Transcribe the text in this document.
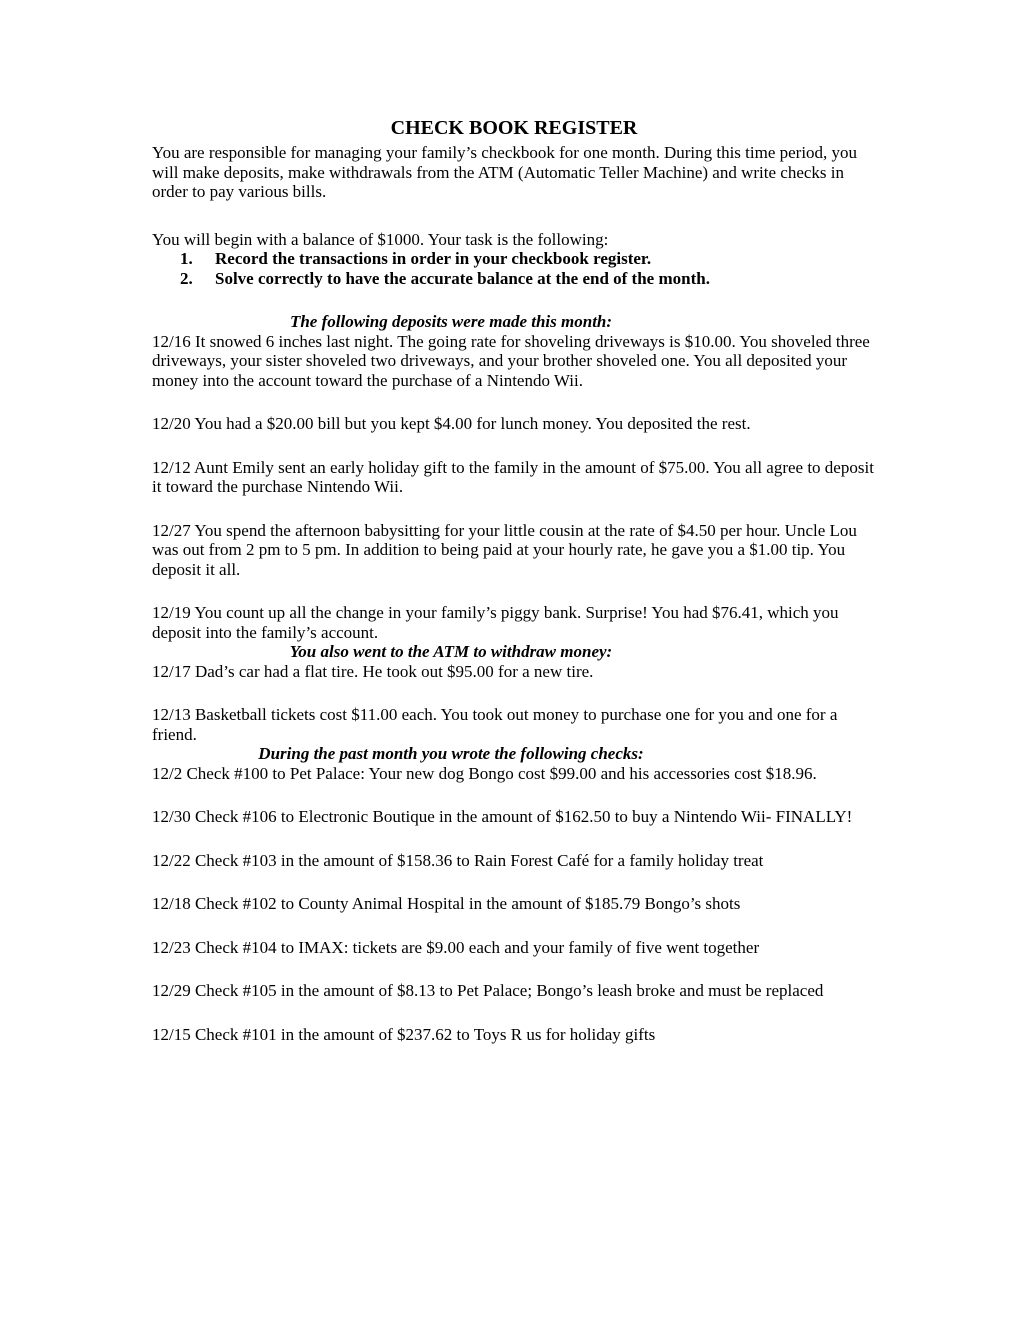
CHECK BOOK REGISTER
You are responsible for managing your family’s checkbook for one month. During this time period, you will make deposits, make withdrawals from the ATM (Automatic Teller Machine) and write checks in order to pay various bills.
You will begin with a balance of $1000. Your task is the following:
1.	Record the transactions in order in your checkbook register.
2.	Solve correctly to have the accurate balance at the end of the month.
The following deposits were made this month:
12/16 It snowed 6 inches last night. The going rate for shoveling driveways is $10.00. You shoveled three driveways, your sister shoveled two driveways, and your brother shoveled one. You all deposited your money into the account toward the purchase of a Nintendo Wii.
12/20 You had a $20.00 bill but you kept $4.00 for lunch money. You deposited the rest.
12/12 Aunt Emily sent an early holiday gift to the family in the amount of $75.00. You all agree to deposit it toward the purchase Nintendo Wii.
12/27 You spend the afternoon babysitting for your little cousin at the rate of $4.50 per hour. Uncle Lou was out from 2 pm to 5 pm. In addition to being paid at your hourly rate, he gave you a $1.00 tip. You deposit it all.
12/19 You count up all the change in your family’s piggy bank. Surprise! You had $76.41, which you deposit into the family’s account.
You also went to the ATM to withdraw money:
12/17 Dad’s car had a flat tire. He took out $95.00 for a new tire.
12/13 Basketball tickets cost $11.00 each. You took out money to purchase one for you and one for a friend.
During the past month you wrote the following checks:
12/2 Check #100 to Pet Palace: Your new dog Bongo cost $99.00 and his accessories cost $18.96.
12/30 Check #106 to Electronic Boutique in the amount of $162.50 to buy a Nintendo Wii- FINALLY!
12/22 Check #103 in the amount of $158.36 to Rain Forest Café for a family holiday treat
12/18 Check #102 to County Animal Hospital in the amount of $185.79 Bongo’s shots
12/23 Check #104 to IMAX: tickets are $9.00 each and your family of five went together
12/29 Check #105 in the amount of $8.13 to Pet Palace; Bongo’s leash broke and must be replaced
12/15 Check #101 in the amount of $237.62 to Toys R us for holiday gifts
